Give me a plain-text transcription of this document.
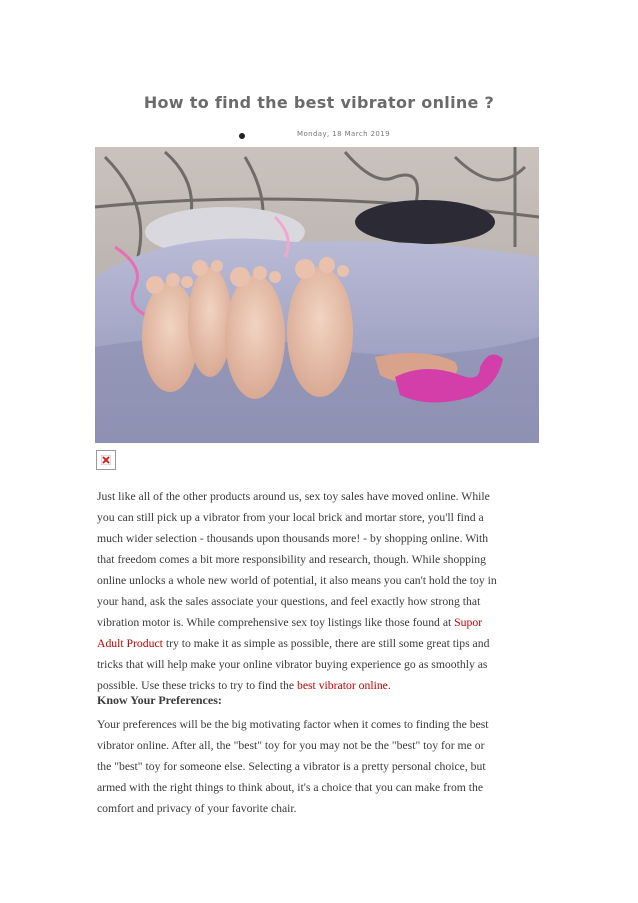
How to find the best vibrator online ?
Monday, 18 March 2019

Just like all of the other products around us, sex toy sales have moved online. While
you can still pick up a vibrator from your local brick and mortar store, you'll find a
much wider selection - thousands upon thousands more! - by shopping online. With
that freedom comes a bit more responsibility and research, though. While shopping
online unlocks a whole new world of potential, it also means you can't hold the toy in
your hand, ask the sales associate your questions, and feel exactly how strong that
vibration motor is. While comprehensive sex toy listings like those found at Supor
Adult Product try to make it as simple as possible, there are still some great tips and
tricks that will help make your online vibrator buying experience go as smoothly as
possible. Use these tricks to try to find the best vibrator online.

Know Your Preferences:

Your preferences will be the big motivating factor when it comes to finding the best
vibrator online. After all, the "best" toy for you may not be the "best" toy for me or
the "best" toy for someone else. Selecting a vibrator is a pretty personal choice, but
armed with the right things to think about, it's a choice that you can make from the
comfort and privacy of your favorite chair.
